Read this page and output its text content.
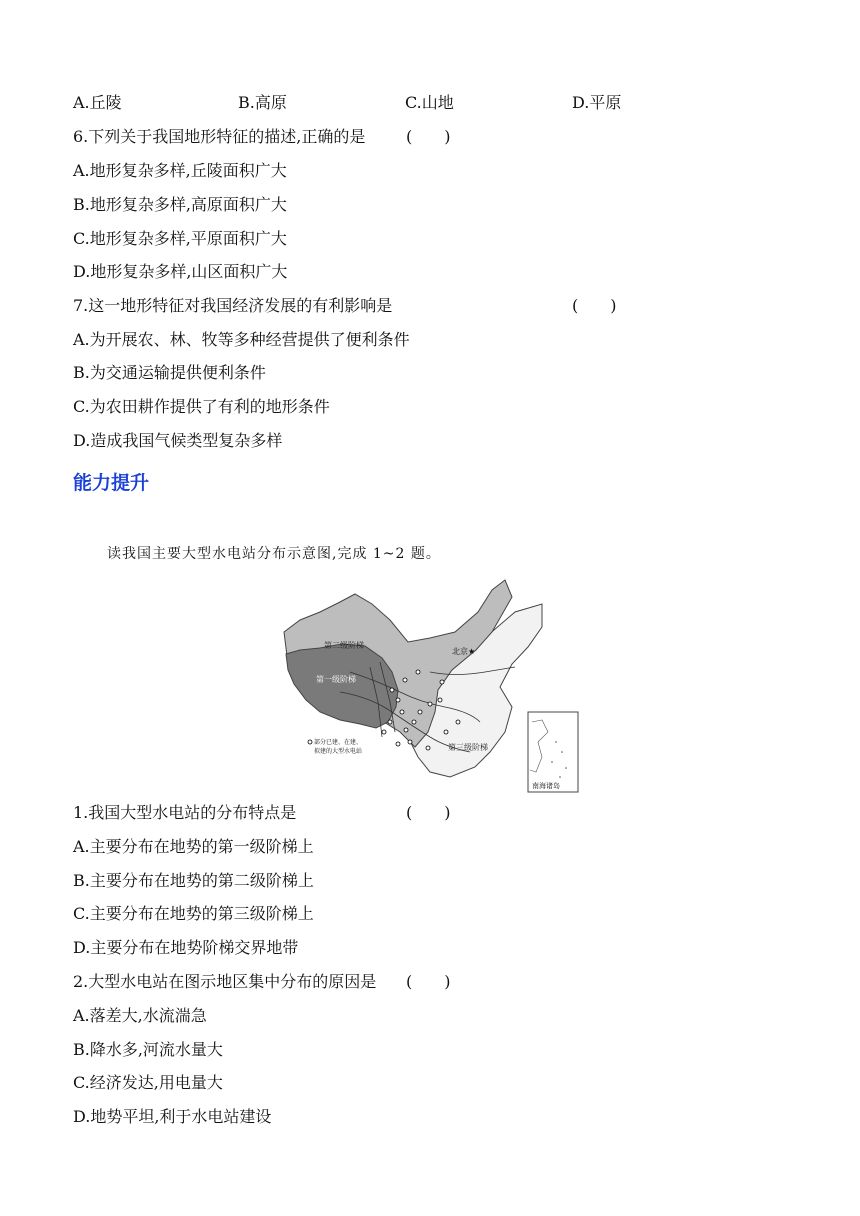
A.丘陵	B.高原	C.山地	D.平原
6.下列关于我国地形特征的描述,正确的是	(　　)
A.地形复杂多样,丘陵面积广大
B.地形复杂多样,高原面积广大
C.地形复杂多样,平原面积广大
D.地形复杂多样,山区面积广大
7.这一地形特征对我国经济发展的有利影响是	(　　)
A.为开展农、林、牧等多种经营提供了便利条件
B.为交通运输提供便利条件
C.为农田耕作提供了有利的地形条件
D.造成我国气候类型复杂多样
能力提升
读我国主要大型水电站分布示意图,完成 1~2 题。
第二级阶梯
第一级阶梯
第三级阶梯
北京 ★
部分已建、在建、
拟建的大型水电站
南海诸岛
1.我国大型水电站的分布特点是	(　　)
A.主要分布在地势的第一级阶梯上
B.主要分布在地势的第二级阶梯上
C.主要分布在地势的第三级阶梯上
D.主要分布在地势阶梯交界地带
2.大型水电站在图示地区集中分布的原因是 (　　)
A.落差大,水流湍急
B.降水多,河流水量大
C.经济发达,用电量大
D.地势平坦,利于水电站建设
